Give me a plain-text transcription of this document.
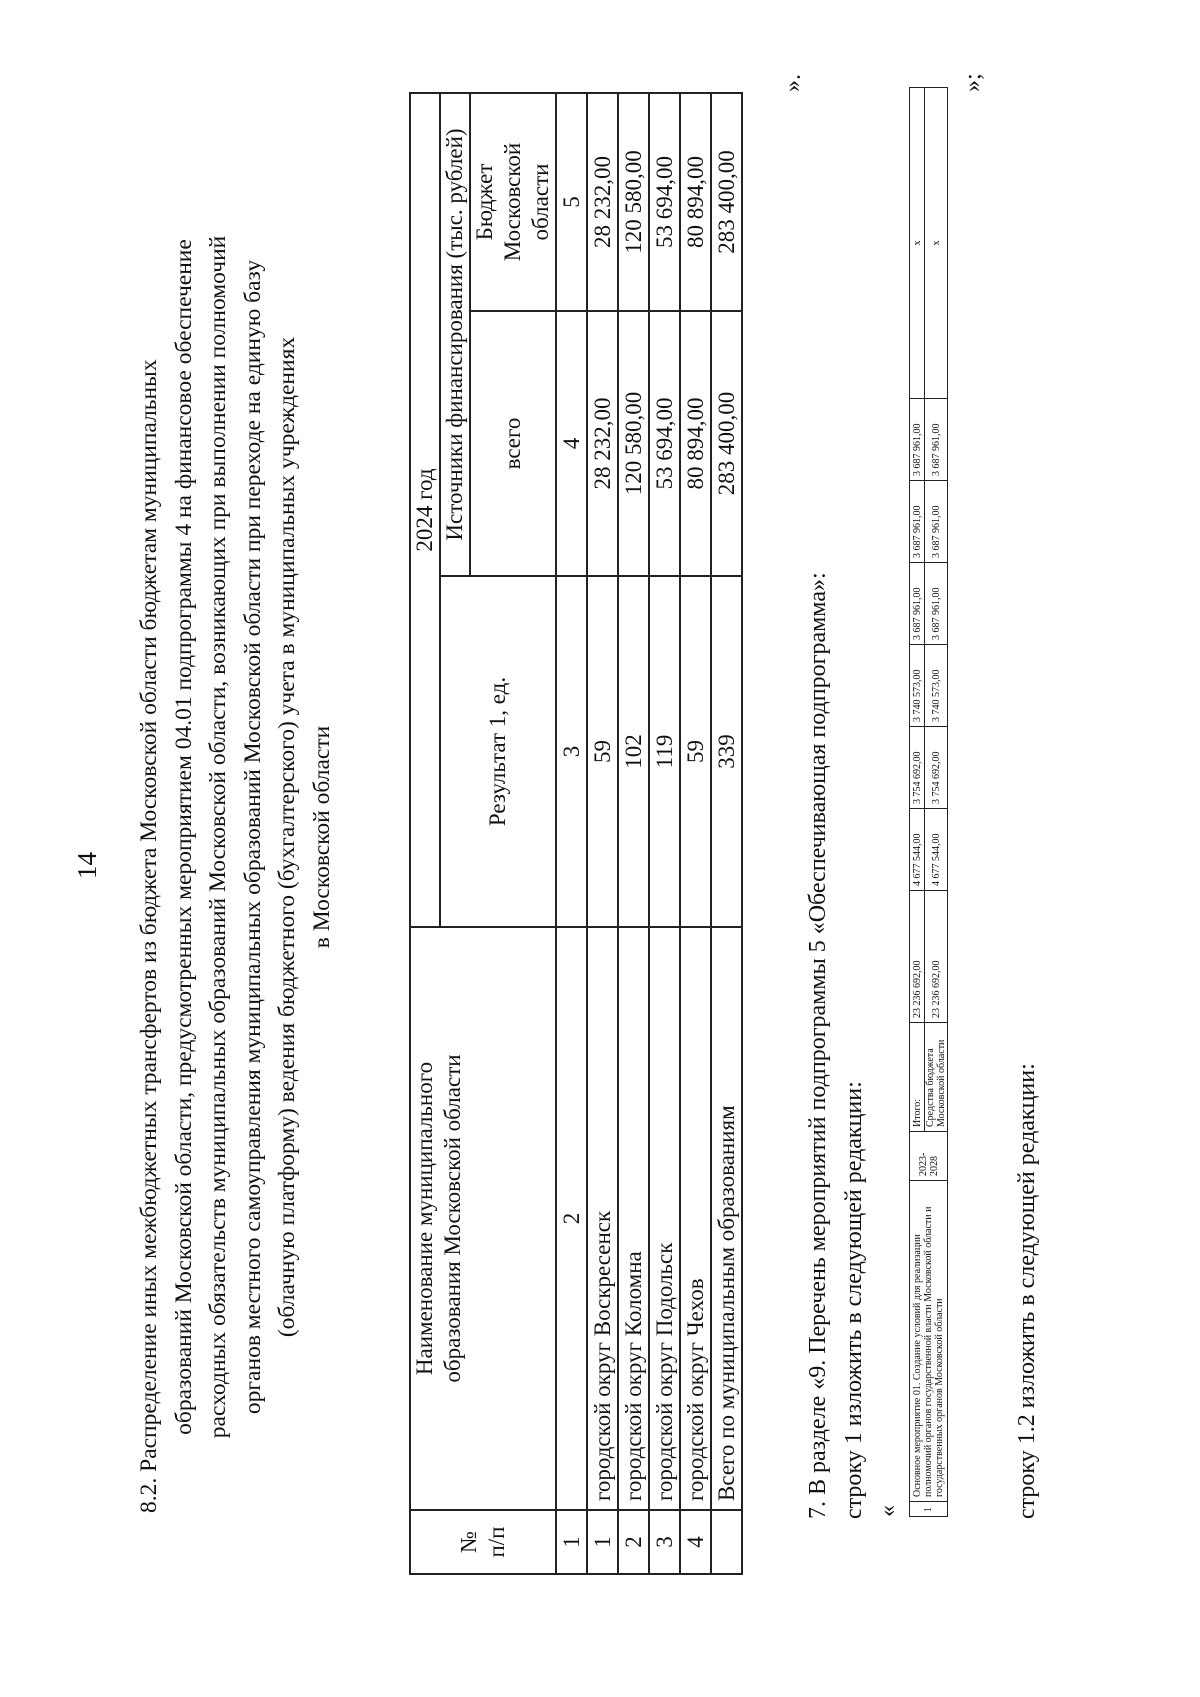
14 8.2. Распределение иных межбюджетных трансфертов из бюджета Московской области бюджетам муниципальных образований Московской области, предусмотренных мероприятием 04.01 подпрограммы 4 на финансовое обеспечение расходных обязательств муниципальных образований Московской области, возникающих при выполнении полномочий органов местного самоуправления муниципальных образований Московской области при переходе на единую базу (облачную платформу) ведения бюджетного (бухгалтерского) учета в муниципальных учреждениях в Московской области

№ п/п	Наименование муниципального образования Московской области	2024 год		
		Результат 1, ед.	Источники финансирования (тыс. рублей)	
			всего	Бюджет Московской области
1	2	3	4	5
1	городской округ Воскресенск	59	28 232,00	28 232,00
2	городской округ Коломна	102	120 580,00	120 580,00
3	городской округ Подольск	119	53 694,00	53 694,00
4	городской округ Чехов	59	80 894,00	80 894,00
	Всего по муниципальным образованиям	339	283 400,00	283 400,00
».

7. В разделе «9. Перечень мероприятий подпрограммы 5 «Обеспечивающая подпрограмма»: строку 1 изложить в следующей редакции: « 1	Основное мероприятие 01. Создание условий для реализации полномочий органов государственной власти Московской области и государственных органов Московской области	2023-2028	Итого:	23 236 692,00	4 677 544,00	3 754 692,00	3 740 573,00	3 687 961,00	3 687 961,00	3 687 961,00	x
			Средства бюджета Московской области	23 236 692,00	4 677 544,00	3 754 692,00	3 740 573,00	3 687 961,00	3 687 961,00	3 687 961,00	x
»;
строку 1.2 изложить в следующей редакции:
